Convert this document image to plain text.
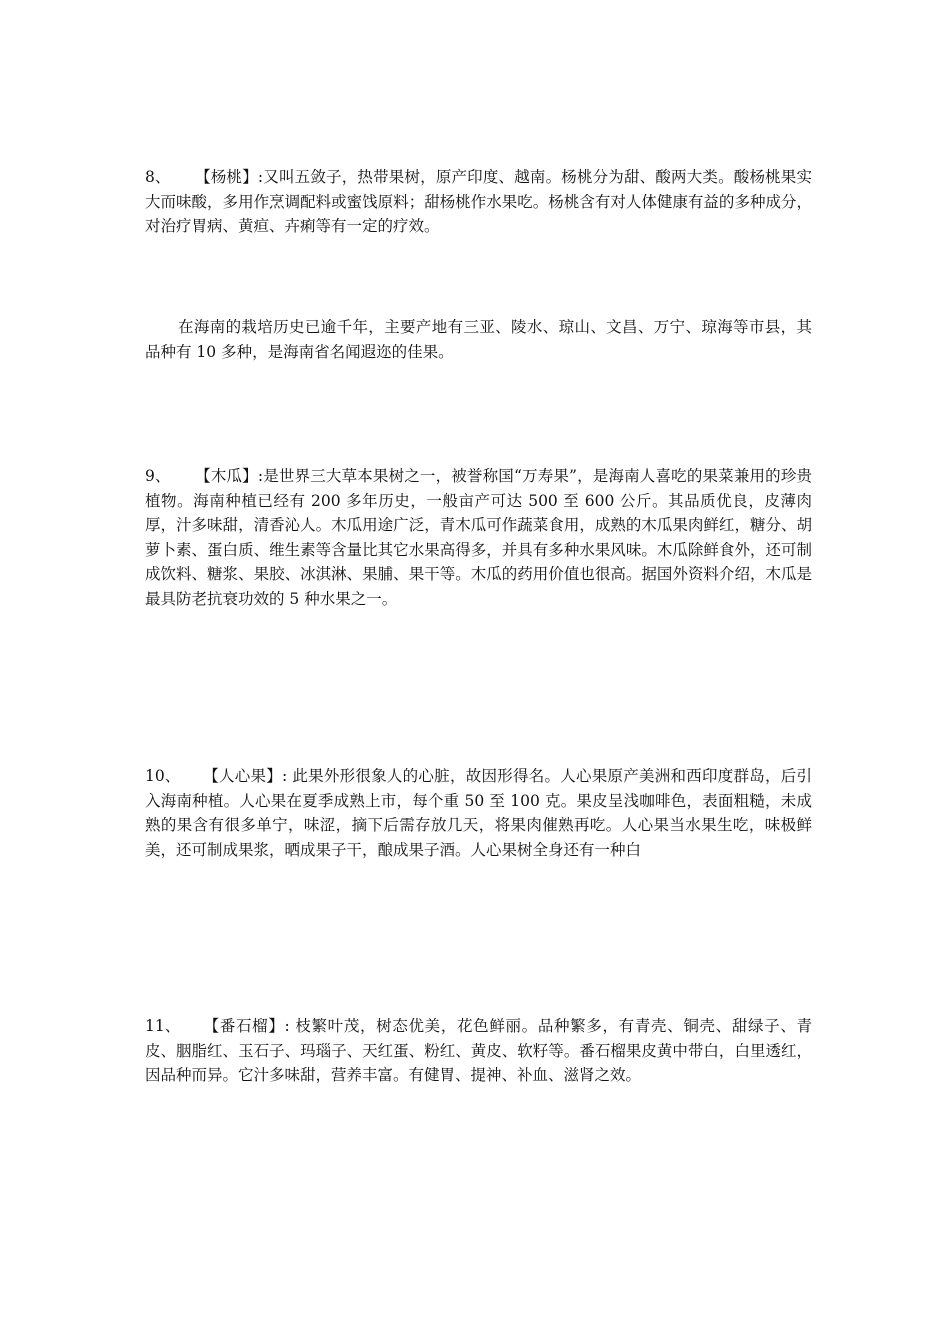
8、 【杨桃】:又叫五敛子，热带果树，原产印度、越南。杨桃分为甜、酸两大类。酸杨桃果实大而味酸，多用作烹调配料或蜜饯原料；甜杨桃作水果吃。杨桃含有对人体健康有益的多种成分，对治疗胃病、黄疸、卉痢等有一定的疗效。

在海南的栽培历史已逾千年，主要产地有三亚、陵水、琼山、文昌、万宁、琼海等市县，其品种有 10 多种，是海南省名闻遐迩的佳果。

9、 【木瓜】:是世界三大草本果树之一，被誉称国“万寿果”，是海南人喜吃的果菜兼用的珍贵植物。海南种植已经有 200 多年历史，一般亩产可达 500 至 600 公斤。其品质优良，皮薄肉厚，汁多味甜，清香沁人。木瓜用途广泛，青木瓜可作蔬菜食用，成熟的木瓜果肉鲜红，糖分、胡萝卜素、蛋白质、维生素等含量比其它水果高得多，并具有多种水果风味。木瓜除鲜食外，还可制成饮料、糖浆、果胶、冰淇淋、果脯、果干等。木瓜的药用价值也很高。据国外资料介绍，木瓜是最具防老抗衰功效的 5 种水果之一。

10、 【人心果】: 此果外形很象人的心脏，故因形得名。人心果原产美洲和西印度群岛，后引入海南种植。人心果在夏季成熟上市，每个重 50 至 100 克。果皮呈浅咖啡色，表面粗糙，未成熟的果含有很多单宁，味涩，摘下后需存放几天，将果肉催熟再吃。人心果当水果生吃，味极鲜美，还可制成果浆，晒成果子干，酿成果子酒。人心果树全身还有一种白

11、 【番石榴】: 枝繁叶茂，树态优美，花色鲜丽。品种繁多，有青壳、铜壳、甜绿子、青皮、胭脂红、玉石子、玛瑙子、天红蛋、粉红、黄皮、软籽等。番石榴果皮黄中带白，白里透红，因品种而异。它汁多味甜，营养丰富。有健胃、提神、补血、滋肾之效。
